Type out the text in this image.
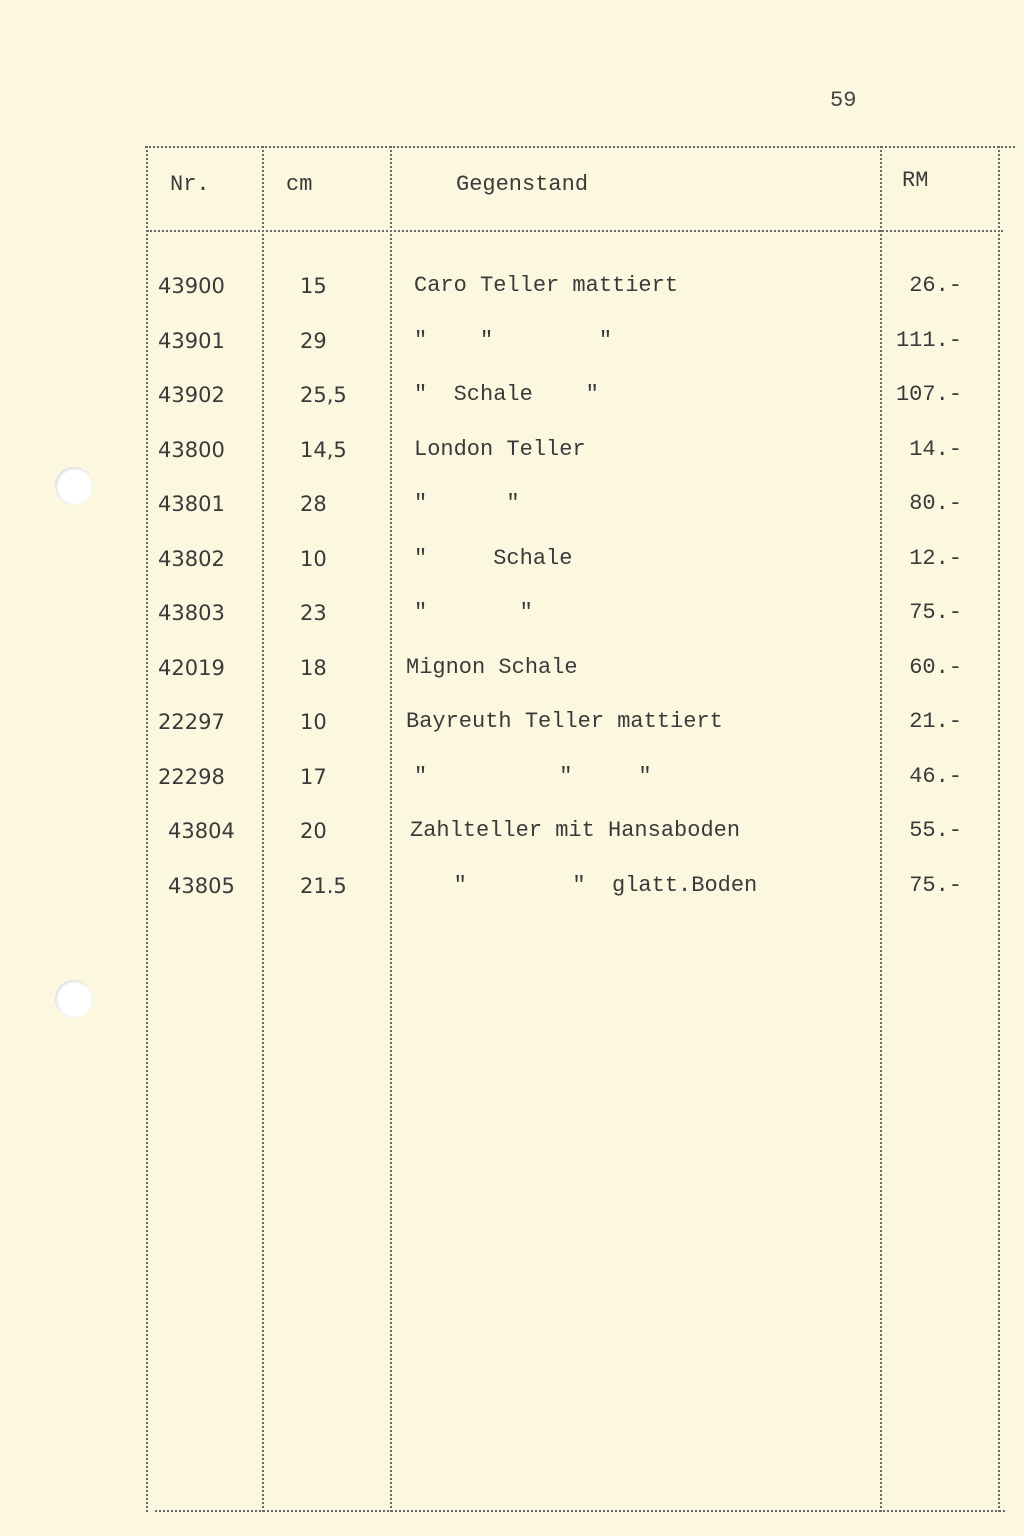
59
Nr.	cm	Gegenstand	RM
43900	15	Caro Teller mattiert	26.-
43901	29	"    "        "	111.-
43902	25,5	"  Schale    "	107.-
43800	14,5	London Teller	14.-
43801	28	"      "	80.-
43802	10	"     Schale	12.-
43803	23	"       "	75.-
42019	18	Mignon Schale	60.-
22297	10	Bayreuth Teller mattiert	21.-
22298	17	"          "     "	46.-
43804	20	Zahlteller mit Hansaboden	55.-
43805	21.5	"        "  glatt.Boden	75.-
